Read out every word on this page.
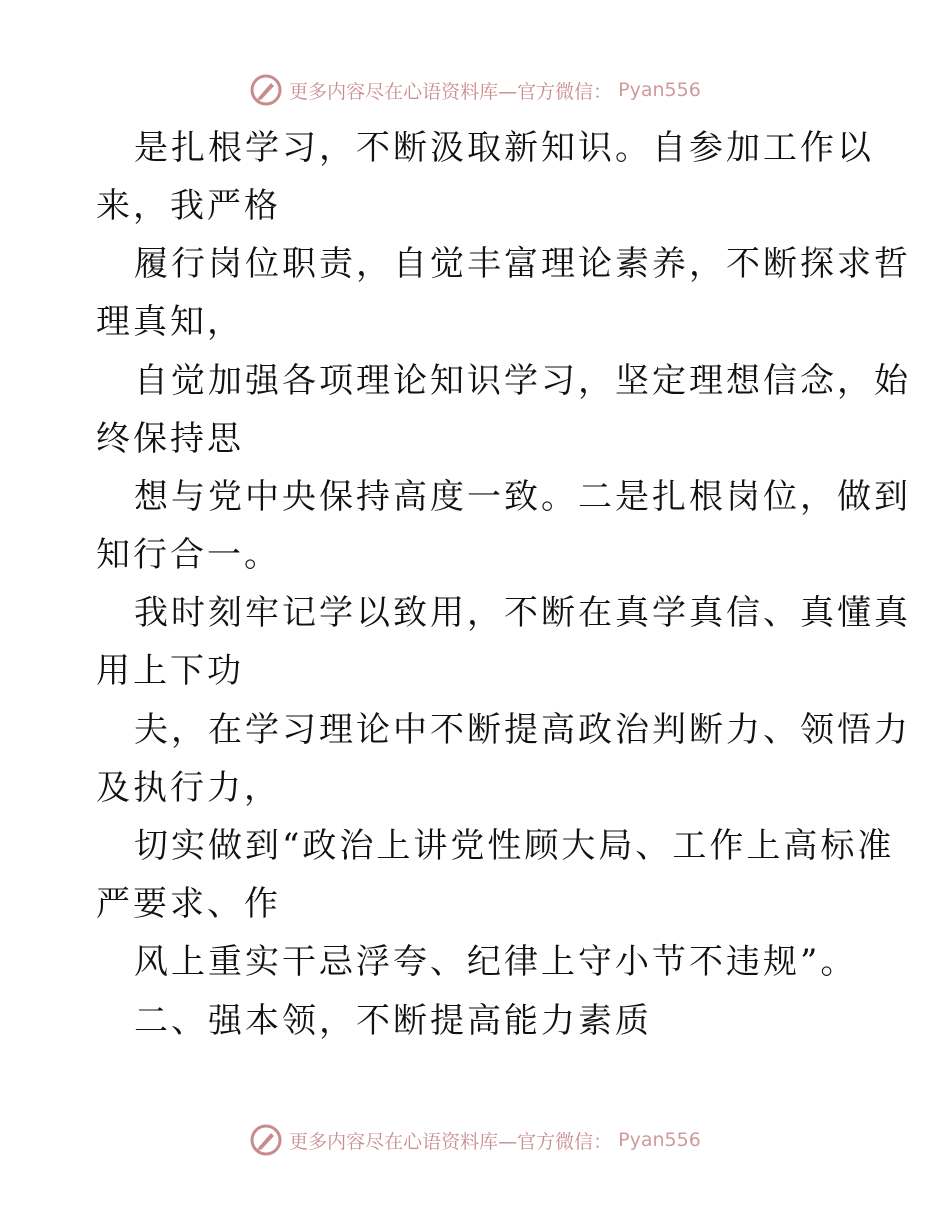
更多内容尽在心语资料库—官方微信： Pyan556
是扎根学习，不断汲取新知识。自参加工作以
来，我严格
履行岗位职责，自觉丰富理论素养，不断探求哲
理真知，
自觉加强各项理论知识学习，坚定理想信念，始
终保持思
想与党中央保持高度一致。二是扎根岗位，做到
知行合一。
我时刻牢记学以致用，不断在真学真信、真懂真
用上下功
夫，在学习理论中不断提高政治判断力、领悟力
及执行力，
切实做到“政治上讲党性顾大局、工作上高标准
严要求、作
风上重实干忌浮夸、纪律上守小节不违规”。
二、强本领，不断提高能力素质
更多内容尽在心语资料库—官方微信： Pyan556
